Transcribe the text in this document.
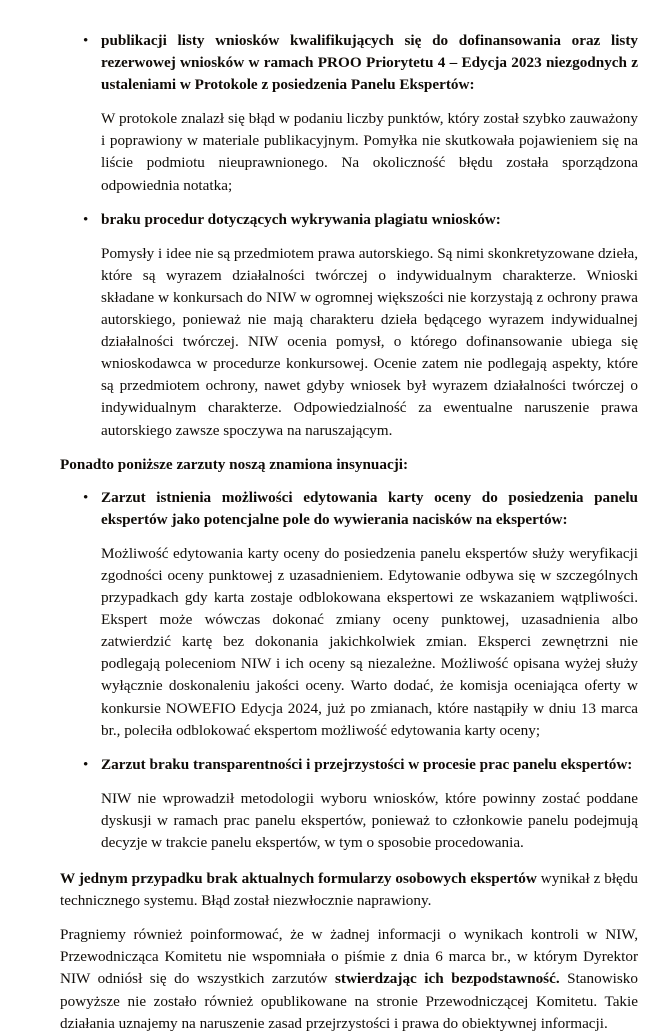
• publikacji listy wniosków kwalifikujących się do dofinansowania oraz listy rezerwowej wniosków w ramach PROO Priorytetu 4 – Edycja 2023 niezgodnych z ustaleniami w Protokole z posiedzenia Panelu Ekspertów:

W protokole znalazł się błąd w podaniu liczby punktów, który został szybko zauważony i poprawiony w materiale publikacyjnym. Pomyłka nie skutkowała pojawieniem się na liście podmiotu nieuprawnionego. Na okoliczność błędu została sporządzona odpowiednia notatka;

• braku procedur dotyczących wykrywania plagiatu wniosków:

Pomysły i idee nie są przedmiotem prawa autorskiego. Są nimi skonkretyzowane dzieła, które są wyrazem działalności twórczej o indywidualnym charakterze. Wnioski składane w konkursach do NIW w ogromnej większości nie korzystają z ochrony prawa autorskiego, ponieważ nie mają charakteru dzieła będącego wyrazem indywidualnej działalności twórczej. NIW ocenia pomysł, o którego dofinansowanie ubiega się wnioskodawca w procedurze konkursowej. Ocenie zatem nie podlegają aspekty, które są przedmiotem ochrony, nawet gdyby wniosek był wyrazem działalności twórczej o indywidualnym charakterze. Odpowiedzialność za ewentualne naruszenie prawa autorskiego zawsze spoczywa na naruszającym.

Ponadto poniższe zarzuty noszą znamiona insynuacji:

• Zarzut istnienia możliwości edytowania karty oceny do posiedzenia panelu ekspertów jako potencjalne pole do wywierania nacisków na ekspertów:

Możliwość edytowania karty oceny do posiedzenia panelu ekspertów służy weryfikacji zgodności oceny punktowej z uzasadnieniem. Edytowanie odbywa się w szczególnych przypadkach gdy karta zostaje odblokowana ekspertowi ze wskazaniem wątpliwości. Ekspert może wówczas dokonać zmiany oceny punktowej, uzasadnienia albo zatwierdzić kartę bez dokonania jakichkolwiek zmian. Eksperci zewnętrzni nie podlegają poleceniom NIW i ich oceny są niezależne. Możliwość opisana wyżej służy wyłącznie doskonaleniu jakości oceny. Warto dodać, że komisja oceniająca oferty w konkursie NOWEFIO Edycja 2024, już po zmianach, które nastąpiły w dniu 13 marca br., poleciła odblokować ekspertom możliwość edytowania karty oceny;

• Zarzut braku transparentności i przejrzystości w procesie prac panelu ekspertów:

NIW nie wprowadził metodologii wyboru wniosków, które powinny zostać poddane dyskusji w ramach prac panelu ekspertów, ponieważ to członkowie panelu podejmują decyzje w trakcie panelu ekspertów, w tym o sposobie procedowania.

W jednym przypadku brak aktualnych formularzy osobowych ekspertów wynikał z błędu technicznego systemu. Błąd został niezwłocznie naprawiony.

Pragniemy również poinformować, że w żadnej informacji o wynikach kontroli w NIW, Przewodnicząca Komitetu nie wspomniała o piśmie z dnia 6 marca br., w którym Dyrektor NIW odniósł się do wszystkich zarzutów stwierdzając ich bezpodstawność. Stanowisko powyższe nie zostało również opublikowane na stronie Przewodniczącej Komitetu. Takie działania uznajemy na naruszenie zasad przejrzystości i prawa do obiektywnej informacji.
